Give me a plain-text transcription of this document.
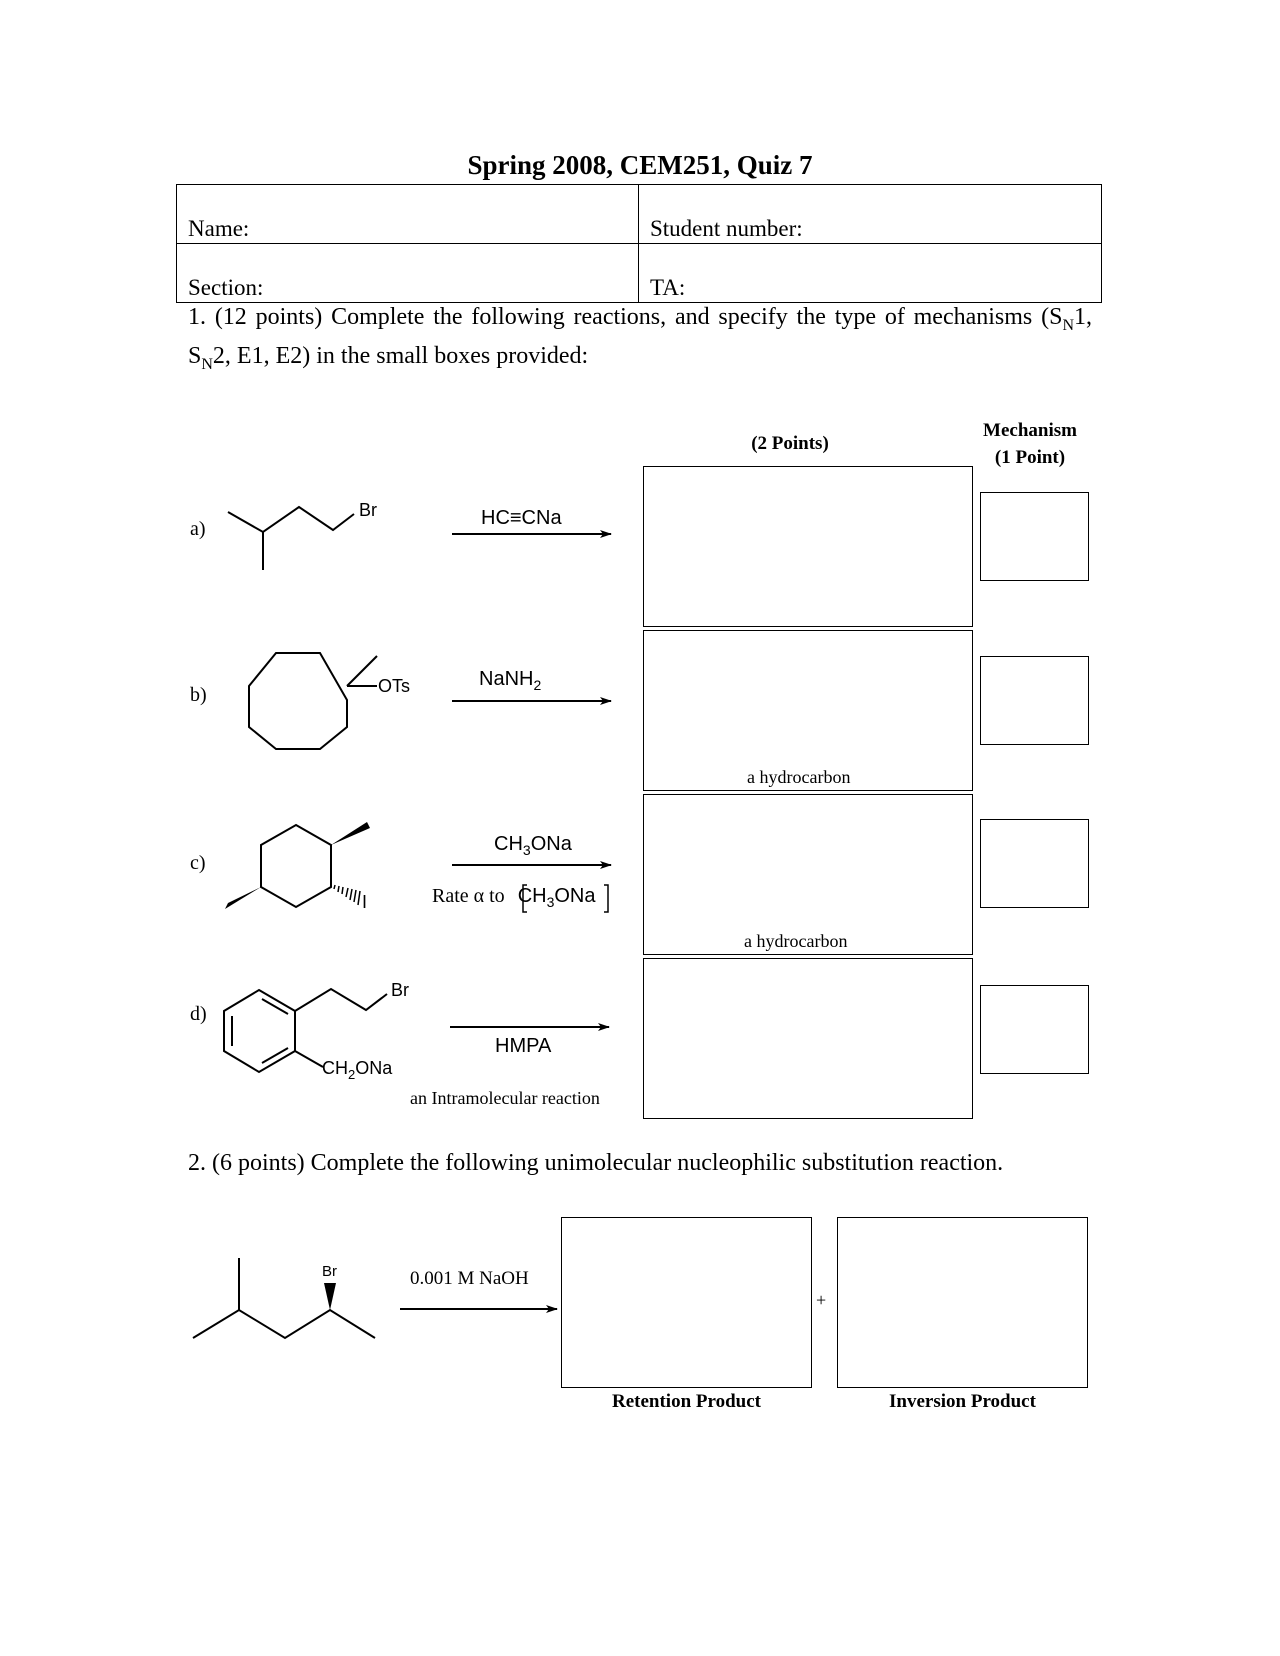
Spring 2008, CEM251, Quiz 7
Name:	Student number:
Section:	TA:
1. (12 points) Complete the following reactions, and specify the type of mechanisms ($S_N1$, $S_N2$, E1, E2) in the small boxes provided:
(2 Points)
Mechanism
(1 Point)
a)
b)
c)
d)
Br
OTs
I
Br
$CH_2ONa$
Br
HC≡CNa
NaNH$_2$
$CH_3ONa$
Rate α to $CH_3ONa$
HMPA
an Intramolecular reaction
0.001 M NaOH
a hydrocarbon
a hydrocarbon
2. (6 points) Complete the following unimolecular nucleophilic substitution reaction.
+
Retention Product	Inversion Product
